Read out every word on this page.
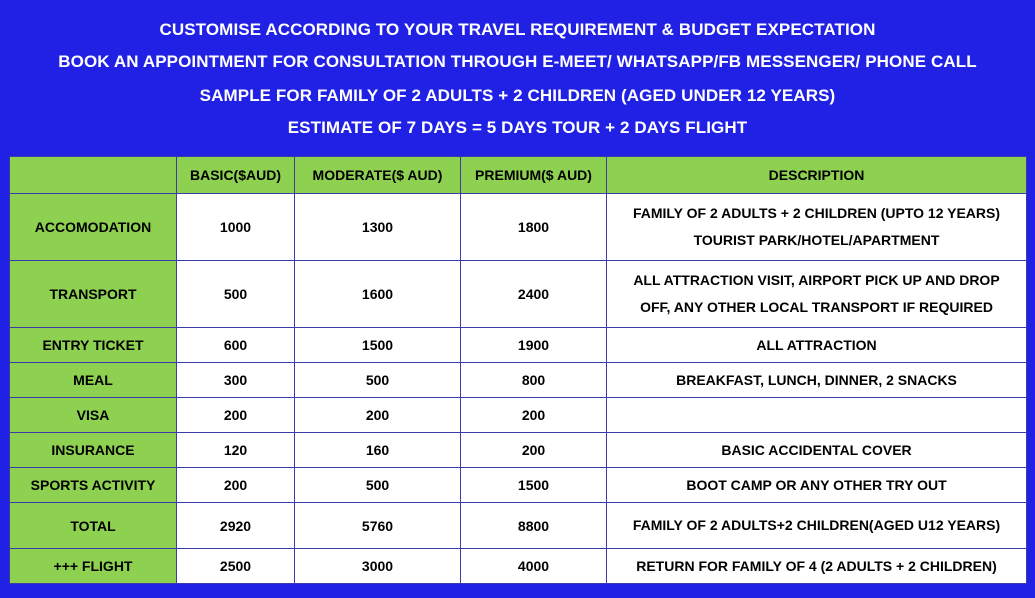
CUSTOMISE ACCORDING TO YOUR TRAVEL REQUIREMENT & BUDGET EXPECTATION
BOOK AN APPOINTMENT FOR CONSULTATION THROUGH E-MEET/ WHATSAPP/FB MESSENGER/ PHONE CALL
SAMPLE FOR FAMILY OF 2 ADULTS + 2 CHILDREN (AGED UNDER 12 YEARS)
ESTIMATE OF 7 DAYS = 5 DAYS TOUR + 2 DAYS FLIGHT
	BASIC($AUD)	MODERATE($ AUD)	PREMIUM($ AUD)	DESCRIPTION
ACCOMODATION	1000	1300	1800	FAMILY OF 2 ADULTS + 2 CHILDREN (UPTO 12 YEARS)
TOURIST PARK/HOTEL/APARTMENT

TRANSPORT	500	1600	2400	ALL ATTRACTION VISIT, AIRPORT PICK UP AND DROP
OFF, ANY OTHER LOCAL TRANSPORT IF REQUIRED

ENTRY TICKET	600	1500	1900	ALL ATTRACTION
MEAL	300	500	800	BREAKFAST, LUNCH, DINNER, 2 SNACKS
VISA	200	200	200	
INSURANCE	120	160	200	BASIC ACCIDENTAL COVER
SPORTS ACTIVITY	200	500	1500	BOOT CAMP OR ANY OTHER TRY OUT
TOTAL	2920	5760	8800	FAMILY OF 2 ADULTS+2 CHILDREN(AGED U12 YEARS)
+++ FLIGHT	2500	3000	4000	RETURN FOR FAMILY OF 4 (2 ADULTS + 2 CHILDREN)
